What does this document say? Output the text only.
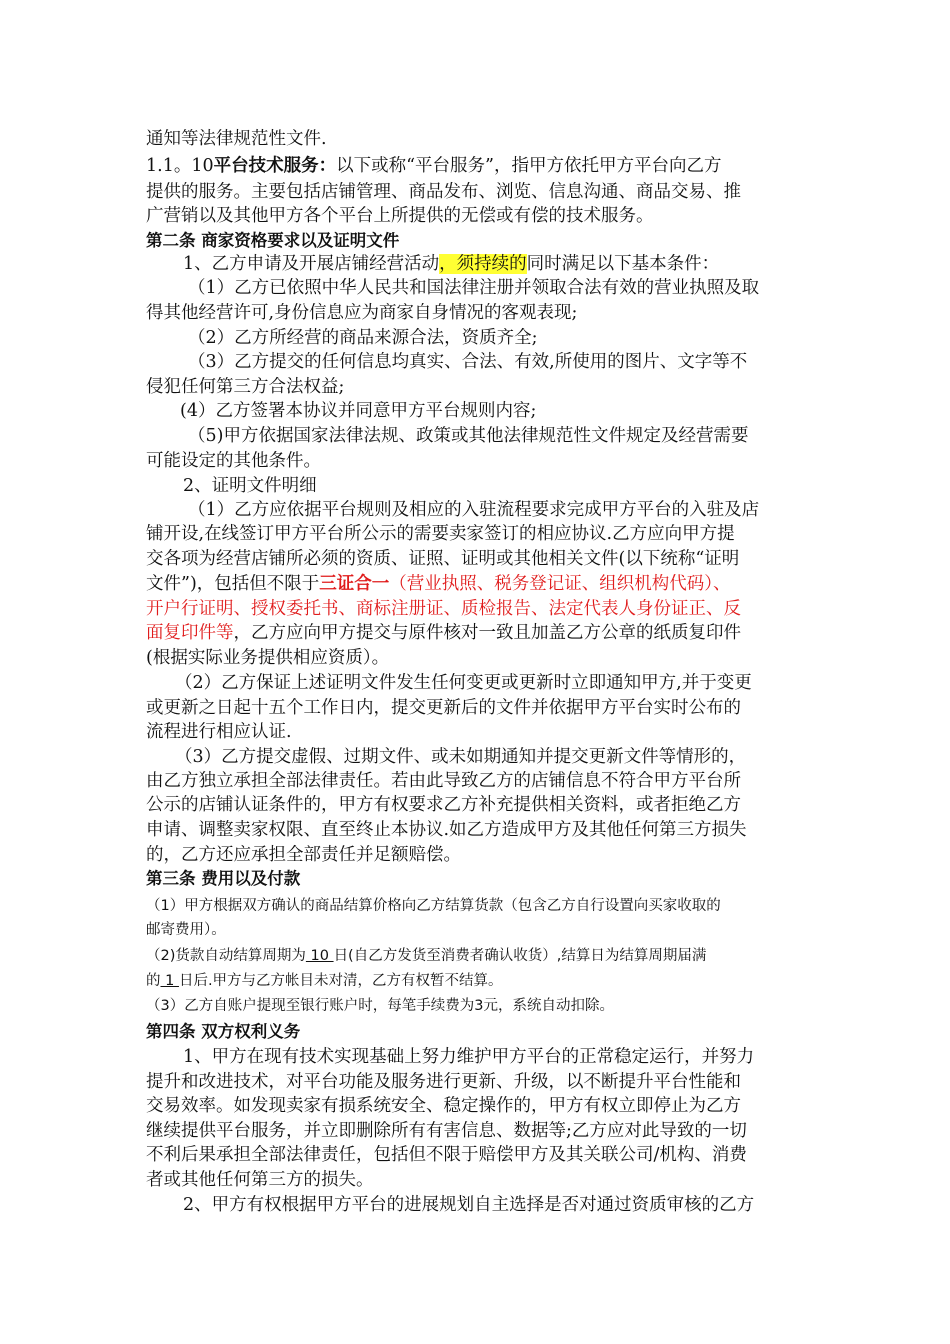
通知等法律规范性文件.
1.1。10平台技术服务：以下或称“平台服务”，指甲方依托甲方平台向乙方
提供的服务。主要包括店铺管理、商品发布、浏览、信息沟通、商品交易、推
广营销以及其他甲方各个平台上所提供的无偿或有偿的技术服务。
第二条 商家资格要求以及证明文件
1、乙方申请及开展店铺经营活动，须持续的同时满足以下基本条件：
（1）乙方已依照中华人民共和国法律注册并领取合法有效的营业执照及取
得其他经营许可,身份信息应为商家自身情况的客观表现;
（2）乙方所经营的商品来源合法，资质齐全;
（3）乙方提交的任何信息均真实、合法、有效,所使用的图片、文字等不
侵犯任何第三方合法权益;
(4）乙方签署本协议并同意甲方平台规则内容;
（5)甲方依据国家法律法规、政策或其他法律规范性文件规定及经营需要
可能设定的其他条件。
2、证明文件明细
（1）乙方应依据平台规则及相应的入驻流程要求完成甲方平台的入驻及店
铺开设,在线签订甲方平台所公示的需要卖家签订的相应协议.乙方应向甲方提
交各项为经营店铺所必须的资质、证照、证明或其他相关文件(以下统称“证明
文件”)，包括但不限于三证合一（营业执照、税务登记证、组织机构代码）、
开户行证明、授权委托书、商标注册证、质检报告、法定代表人身份证正、反
面复印件等，乙方应向甲方提交与原件核对一致且加盖乙方公章的纸质复印件
(根据实际业务提供相应资质）。
（2）乙方保证上述证明文件发生任何变更或更新时立即通知甲方,并于变更
或更新之日起十五个工作日内，提交更新后的文件并依据甲方平台实时公布的
流程进行相应认证.
（3）乙方提交虚假、过期文件、或未如期通知并提交更新文件等情形的，
由乙方独立承担全部法律责任。若由此导致乙方的店铺信息不符合甲方平台所
公示的店铺认证条件的，甲方有权要求乙方补充提供相关资料，或者拒绝乙方
申请、调整卖家权限、直至终止本协议.如乙方造成甲方及其他任何第三方损失
的，乙方还应承担全部责任并足额赔偿。
第三条 费用以及付款
（1）甲方根据双方确认的商品结算价格向乙方结算货款（包含乙方自行设置向买家收取的
邮寄费用）。
（2)货款自动结算周期为 10 日(自乙方发货至消费者确认收货）,结算日为结算周期届满
的 1 日后.甲方与乙方帐目未对清，乙方有权暂不结算。
（3）乙方自账户提现至银行账户时，每笔手续费为3元，系统自动扣除。
第四条 双方权利义务
1、甲方在现有技术实现基础上努力维护甲方平台的正常稳定运行，并努力
提升和改进技术，对平台功能及服务进行更新、升级，以不断提升平台性能和
交易效率。如发现卖家有损系统安全、稳定操作的，甲方有权立即停止为乙方
继续提供平台服务，并立即删除所有有害信息、数据等;乙方应对此导致的一切
不利后果承担全部法律责任，包括但不限于赔偿甲方及其关联公司/机构、消费
者或其他任何第三方的损失。
2、甲方有权根据甲方平台的进展规划自主选择是否对通过资质审核的乙方
